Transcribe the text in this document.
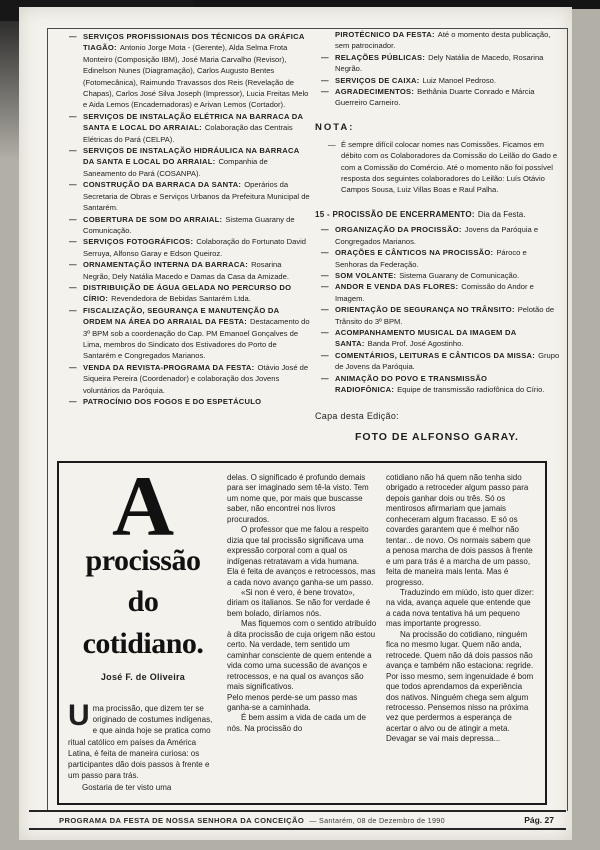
— SERVIÇOS PROFISSIONAIS DOS TÉCNICOS DA GRÁFICA TIAGÃO: Antonio Jorge Mota - (Gerente), Alda Selma Frota Monteiro (Composição IBM), José Maria Carvalho (Revisor), Edinelson Nunes (Diagramação), Carlos Augusto Bentes (Fotomecânica), Raimundo Travassos dos Reis (Revelação de Chapas), Carlos José Silva Joseph (Impressor), Lucia Freitas Melo e Aida Lemos (Encadernadoras) e Arivan Lemos (Cortador).
— SERVIÇOS DE INSTALAÇÃO ELÉTRICA NA BARRACA DA SANTA E LOCAL DO ARRAIAL: Colaboração das Centrais Elétricas do Pará (CELPA).
— SERVIÇOS DE INSTALAÇÃO HIDRÁULICA NA BARRACA DA SANTA E LOCAL DO ARRAIAL: Companhia de Saneamento do Pará (COSANPA).
— CONSTRUÇÃO DA BARRACA DA SANTA: Operários da Secretaria de Obras e Serviços Urbanos da Prefeitura Municipal de Santarém.
— COBERTURA DE SOM DO ARRAIAL: Sistema Guarany de Comunicação.
— SERVIÇOS FOTOGRÁFICOS: Colaboração do Fortunato David Serruya, Alfonso Garay e Edson Queiroz.
— ORNAMENTAÇÃO INTERNA DA BARRACA: Rosarina Negrão, Dely Natália Macedo e Damas da Casa da Amizade.
— DISTRIBUIÇÃO DE ÁGUA GELADA NO PERCURSO DO CÍRIO: Revendedora de Bebidas Santarém Ltda.
— FISCALIZAÇÃO, SEGURANÇA E MANUTENÇÃO DA ORDEM NA ÁREA DO ARRAIAL DA FESTA: Destacamento do 3º BPM sob a coordenação do Cap. PM Emanoel Gonçalves de Lima, membros do Sindicato dos Estivadores do Porto de Santarém e Congregados Marianos.
— VENDA DA REVISTA-PROGRAMA DA FESTA: Otávio José de Siqueira Pereira (Coordenador) e colaboração dos Jovens voluntários da Paróquia.
— PATROCÍNIO DOS FOGOS E DO ESPETÁCULO
PIROTÉCNICO DA FESTA: Até o momento desta publicação, sem patrocinador.
— RELAÇÕES PÚBLICAS: Dely Natália de Macedo, Rosarina Negrão.
— SERVIÇOS DE CAIXA: Luiz Manoel Pedroso.
— AGRADECIMENTOS: Bethânia Duarte Conrado e Márcia Guerreiro Carneiro.
NOTA:
— É sempre difícil colocar nomes nas Comissões. Ficamos em débito com os Colaboradores da Comissão do Leilão do Gado e com a Comissão do Comércio. Até o momento não foi possível resposta dos seguintes colaboradores do Leilão: Luís Otávio Campos Sousa, Luiz Villas Boas e Raul Palha.
15 - PROCISSÃO DE ENCERRAMENTO: Dia da Festa.
— ORGANIZAÇÃO DA PROCISSÃO: Jovens da Paróquia e Congregados Marianos.
— ORAÇÕES E CÂNTICOS NA PROCISSÃO: Pároco e Senhoras da Federação.
— SOM VOLANTE: Sistema Guarany de Comunicação.
— ANDOR E VENDA DAS FLORES: Comissão do Andor e Imagem.
— ORIENTAÇÃO DE SEGURANÇA NO TRÂNSITO: Pelotão de Trânsito do 3º BPM.
— ACOMPANHAMENTO MUSICAL DA IMAGEM DA SANTA: Banda Prof. José Agostinho.
— COMENTÁRIOS, LEITURAS E CÂNTICOS DA MISSA: Grupo de Jovens da Paróquia.
— ANIMAÇÃO DO POVO E TRANSMISSÃO RADIOFÔNICA: Equipe de transmissão radiofônica do Círio.
Capa desta Edição:
FOTO DE ALFONSO GARAY.
A
procissão
do
cotidiano.
José F. de Oliveira
U ma procissão, que dizem ter se originado de costumes indígenas, e que ainda hoje se pratica como ritual católico em países da América Latina, é feita de maneira curiosa: os participantes dão dois passos à frente e um passo para trás.

Gostaria de ter visto uma

delas. O significado é profundo demais para ser imaginado sem tê-la visto. Tem um nome que, por mais que buscasse saber, não encontrei nos livros procurados.

O professor que me falou a respeito dizia que tal procissão significava uma expressão corporal com a qual os indígenas retratavam a vida humana.

Ela é feita de avanços e retrocessos, mas a cada novo avanço ganha-se um passo.

«Si non é vero, é bene trovato», diriam os italianos. Se não for verdade é bem bolado, diríamos nós.

Mas fiquemos com o sentido atribuído à dita procissão de cuja origem não estou certo. Na verdade, tem sentido um caminhar consciente de quem entende a vida como uma sucessão de avanços e retrocessos, e na qual os avanços são mais significativos.

Pelo menos perde-se um passo mas ganha-se a caminhada.

É bem assim a vida de cada um de nós. Na procissão do

cotidiano não há quem não tenha sido obrigado a retroceder algum passo para depois ganhar dois ou três. Só os mentirosos afirmariam que jamais conheceram algum fracasso. E só os covardes garantem que é melhor não tentar... de novo. Os normais sabem que a penosa marcha de dois passos à frente e um para trás é a marcha de um passo, feita de maneira mais lenta. Mas é progresso.

Traduzindo em miúdo, isto quer dizer: na vida, avança aquele que entende que a cada nova tentativa há um pequeno mas importante progresso.

Na procissão do cotidiano, ninguém fica no mesmo lugar. Quem não anda, retrocede. Quem não dá dois passos não avança e também não estaciona: regride. Por isso mesmo, sem ingenuidade é bom que todos aprendamos da experiência dos nativos. Ninguém chega sem algum retrocesso. Pensemos nisso na próxima vez que perdermos a esperança de acertar o alvo ou de atingir a meta. Devagar se vai mais depressa...

PROGRAMA DA FESTA DE NOSSA SENHORA DA CONCEIÇÃO — Santarém, 08 de Dezembro de 1990	Pág. 27
